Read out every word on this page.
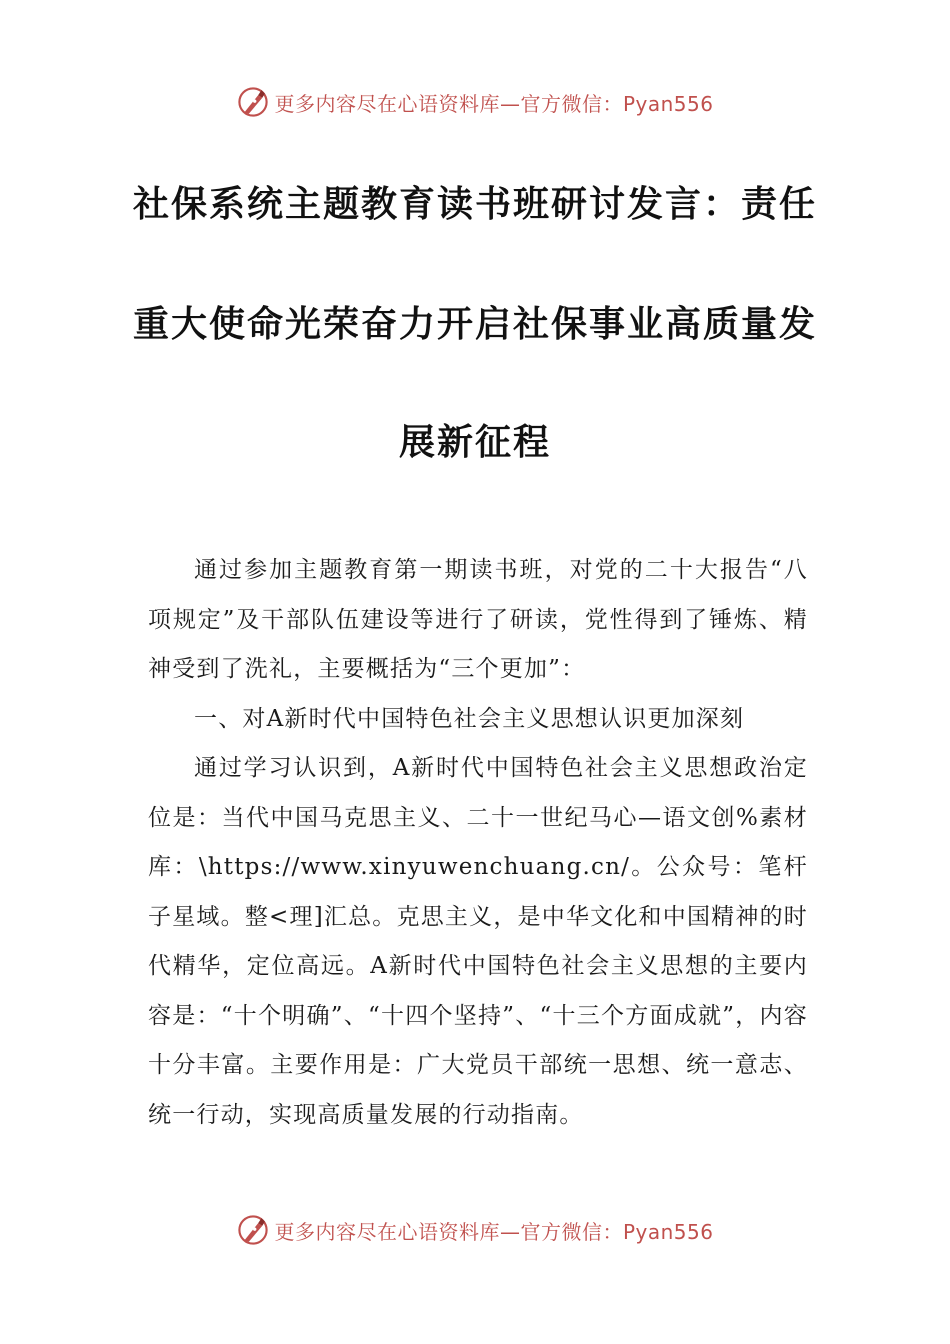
更多内容尽在心语资料库—官方微信：Pyan556
社保系统主题教育读书班研讨发言：责任
重大使命光荣奋力开启社保事业高质量发
展新征程

通过参加主题教育第一期读书班，对党的二十大报告“八项规定”及干部队伍建设等进行了研读，党性得到了锤炼、精神受到了洗礼，主要概括为“三个更加”：

一、对A新时代中国特色社会主义思想认识更加深刻

通过学习认识到，A新时代中国特色社会主义思想政治定位是：当代中国马克思主义、二十一世纪马心—语文创%素材库：\https://www.xinyuwenchuang.cn/。公众号：笔杆子星域。整<理]汇总。克思主义，是中华文化和中国精神的时代精华，定位高远。A新时代中国特色社会主义思想的主要内容是：“十个明确”、“十四个坚持”、“十三个方面成就”，内容十分丰富。主要作用是：广大党员干部统一思想、统一意志、统一行动，实现高质量发展的行动指南。

更多内容尽在心语资料库—官方微信：Pyan556
